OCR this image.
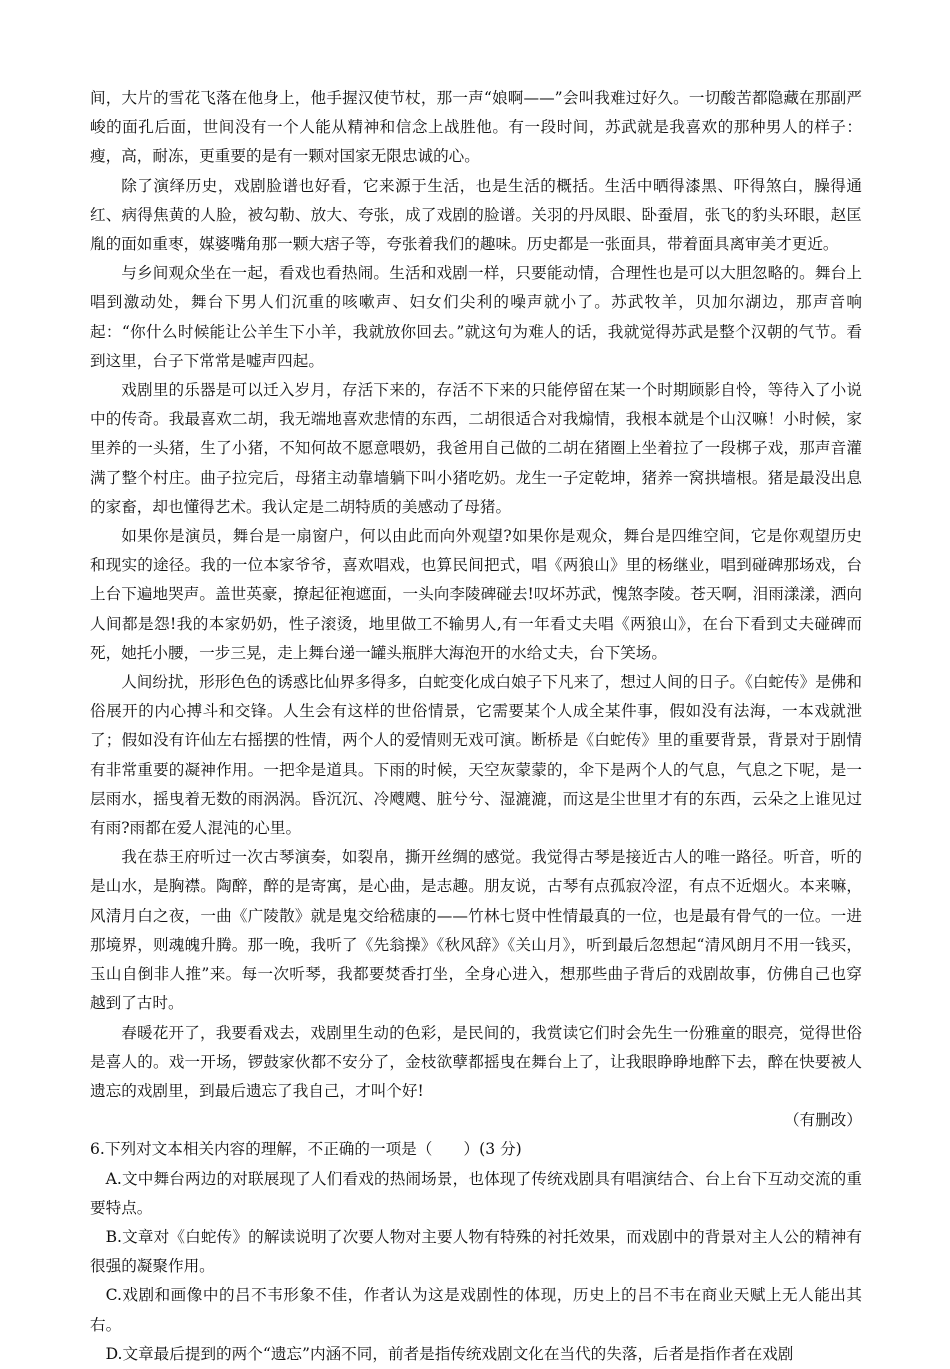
间，大片的雪花飞落在他身上，他手握汉使节杖，那一声“娘啊——”会叫我难过好久。一切酸苦都隐藏在那副严峻的面孔后面，世间没有一个人能从精神和信念上战胜他。有一段时间，苏武就是我喜欢的那种男人的样子：瘦，高，耐冻，更重要的是有一颗对国家无限忠诚的心。

除了演绎历史，戏剧脸谱也好看，它来源于生活，也是生活的概括。生活中晒得漆黑、吓得煞白，臊得通红、病得焦黄的人脸，被勾勒、放大、夸张，成了戏剧的脸谱。关羽的丹凤眼、卧蚕眉，张飞的豹头环眼，赵匡胤的面如重枣，媒婆嘴角那一颗大痞子等，夸张着我们的趣味。历史都是一张面具，带着面具离审美才更近。

与乡间观众坐在一起，看戏也看热闹。生活和戏剧一样，只要能动情，合理性也是可以大胆忽略的。舞台上唱到激动处，舞台下男人们沉重的咳嗽声、妇女们尖利的噪声就小了。苏武牧羊，贝加尔湖边，那声音响起：“你什么时候能让公羊生下小羊，我就放你回去。”就这句为难人的话，我就觉得苏武是整个汉朝的气节。看到这里，台子下常常是嘘声四起。

戏剧里的乐器是可以迁入岁月，存活下来的，存活不下来的只能停留在某一个时期顾影自怜，等待入了小说中的传奇。我最喜欢二胡，我无端地喜欢悲情的东西，二胡很适合对我煽情，我根本就是个山汉嘛！小时候，家里养的一头猪，生了小猪，不知何故不愿意喂奶，我爸用自己做的二胡在猪圈上坐着拉了一段梆子戏，那声音灌满了整个村庄。曲子拉完后，母猪主动靠墙躺下叫小猪吃奶。龙生一子定乾坤，猪养一窝拱墙根。猪是最没出息的家畜，却也懂得艺术。我认定是二胡特质的美感动了母猪。

如果你是演员，舞台是一扇窗户，何以由此而向外观望?如果你是观众，舞台是四维空间，它是你观望历史和现实的途径。我的一位本家爷爷，喜欢唱戏，也算民间把式，唱《两狼山》里的杨继业，唱到碰碑那场戏，台上台下遍地哭声。盖世英豪，撩起征袍遮面，一头向李陵碑碰去!叹坏苏武，愧煞李陵。苍天啊，泪雨漾漾，洒向人间都是怨!我的本家奶奶，性子滚烫，地里做工不输男人,有一年看丈夫唱《两狼山》，在台下看到丈夫碰碑而死，她托小腰，一步三晃，走上舞台递一罐头瓶胖大海泡开的水给丈夫，台下笑场。

人间纷扰，形形色色的诱惑比仙界多得多，白蛇变化成白娘子下凡来了，想过人间的日子。《白蛇传》是佛和俗展开的内心搏斗和交锋。人生会有这样的世俗情景，它需要某个人成全某件事，假如没有法海，一本戏就泄了；假如没有许仙左右摇摆的性情，两个人的爱情则无戏可演。断桥是《白蛇传》里的重要背景，背景对于剧情有非常重要的凝神作用。一把伞是道具。下雨的时候，天空灰蒙蒙的，伞下是两个人的气息，气息之下呢，是一层雨水，摇曳着无数的雨涡涡。昏沉沉、冷飕飕、脏兮兮、湿漉漉，而这是尘世里才有的东西，云朵之上谁见过有雨?雨都在爱人混沌的心里。

我在恭王府听过一次古琴演奏，如裂帛，撕开丝绸的感觉。我觉得古琴是接近古人的唯一路径。听音，听的是山水，是胸襟。陶醉，醉的是寄寓，是心曲，是志趣。朋友说，古琴有点孤寂冷涩，有点不近烟火。本来嘛，风清月白之夜，一曲《广陵散》就是鬼交给嵇康的——竹林七贤中性情最真的一位，也是最有骨气的一位。一进那境界，则魂魄升腾。那一晚，我听了《先翁操》《秋风辞》《关山月》，听到最后忽想起“清风朗月不用一钱买，玉山自倒非人推”来。每一次听琴，我都要焚香打坐，全身心进入，想那些曲子背后的戏剧故事，仿佛自己也穿越到了古时。

春暖花开了，我要看戏去，戏剧里生动的色彩，是民间的，我赏读它们时会先生一份雅童的眼亮，觉得世俗是喜人的。戏一开场，锣鼓家伙都不安分了，金枝欲孽都摇曳在舞台上了，让我眼睁睁地醉下去，醉在快要被人遗忘的戏剧里，到最后遗忘了我自己，才叫个好!

（有删改）

6.下列对文本相关内容的理解，不正确的一项是（　　）(3 分)

A.文中舞台两边的对联展现了人们看戏的热闹场景，也体现了传统戏剧具有唱演结合、台上台下互动交流的重要特点。

B.文章对《白蛇传》的解读说明了次要人物对主要人物有特殊的衬托效果，而戏剧中的背景对主人公的精神有很强的凝聚作用。

C.戏剧和画像中的吕不韦形象不佳，作者认为这是戏剧性的体现，历史上的吕不韦在商业天赋上无人能出其右。

D.文章最后提到的两个“遗忘”内涵不同，前者是指传统戏剧文化在当代的失落，后者是指作者在戏剧
